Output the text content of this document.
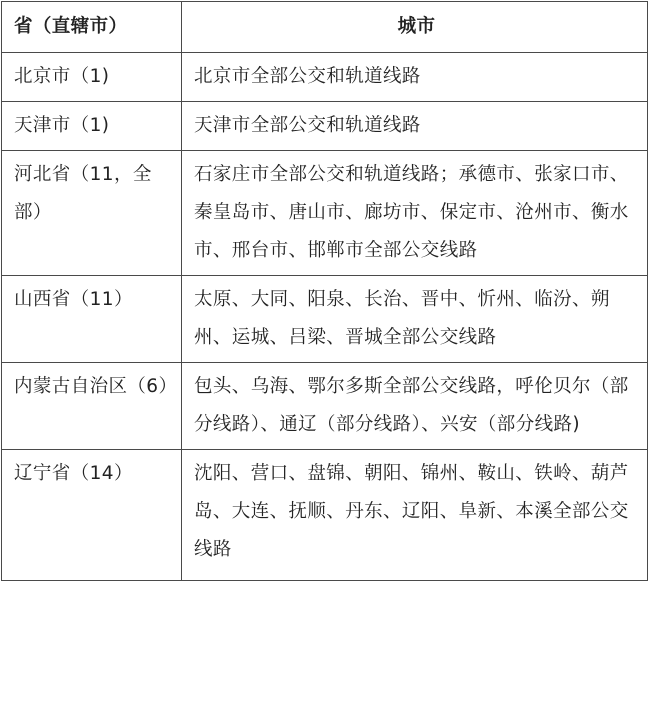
省（直辖市）	城市
北京市（1)	北京市全部公交和轨道线路
天津市（1)	天津市全部公交和轨道线路
河北省（11，全部）	石家庄市全部公交和轨道线路；承德市、张家口市、秦皇岛市、唐山市、廊坊市、保定市、沧州市、衡水市、邢台市、邯郸市全部公交线路
山西省（11）	太原、大同、阳泉、长治、晋中、忻州、临汾、朔州、运城、吕梁、晋城全部公交线路
内蒙古自治区（6）	包头、乌海、鄂尔多斯全部公交线路，呼伦贝尔（部分线路）、通辽（部分线路）、兴安（部分线路)
辽宁省（14）	沈阳、营口、盘锦、朝阳、锦州、鞍山、铁岭、葫芦岛、大连、抚顺、丹东、辽阳、阜新、本溪全部公交线路
